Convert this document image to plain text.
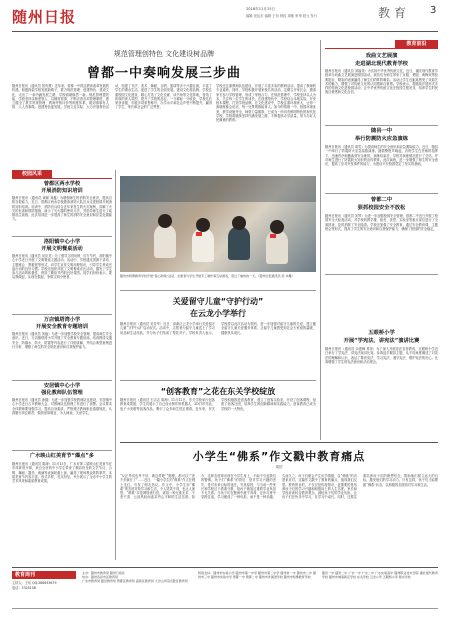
随州日报	2018年11月15日
编辑 祝运东 编辑 王旬 校检 周敏 审审 段元 发行	教育 3
规范管理创特色 文化建设树品牌
曾都一中奏响发展三步曲
随州日报讯（通讯员 蔡有慧）近年来，曾都一中抓住教育改革发展的机遇，积极探索学校发展新路子，着力规范管理、创建特色、建设文化，走出了一条内涵发展之路，学校面貌焕然一新。规范管理提效能。学校坚持以制度管人、以制度管事，不断完善各项管理制度，建立健全了教学常规管理、教师考核评价等制度体系，做到事事有人管、人人有事做。创建特色促发展。学校立足实际，大力开展特色活动，组建了书法、美术、舞蹈、合唱、篮球等多个兴趣社团，丰富了学生的课余生活，促进了学生的全面发展。建设文化树品牌。学校注重校园文化建设，精心打造了文化长廊、读书角等文化阵地，营造了浓厚的育人氛围，提升了学校的品位。一分耕耘一分收获，学校先后荣获省级、市级多项荣誉称号，办学水平和社会声誉不断提升，赢得了学生、家长和社会的广泛赞誉。
学校还注重教师队伍建设，开展了丰富多彩的教研活动，提高了教师的专业素养。同时，学校积极开展家校共育活动，定期召开家长会，邀请家长参与学校管理，形成了家校合力。在规范管理中，学校坚持以人为本，关注每一位学生的成长。在创建特色中，学校结合本地实际，开发校本课程，打造学校品牌。在文化建设中，学校注重环境育人，让每一面墙壁都会说话，每一处景观都能育人。如今的曾都一中，校园环境优美，教学设施齐全，师资力量雄厚，已成为一所具有鲜明特色的现代化学校。学校将继续坚持内涵发展之路，不断提高办学质量，努力办好人民满意的教育。
校园风采
曾都区两水学校
开展消防知识培训
随州日报讯（通讯员 黄颖 刘鑫）为增强师生的消防安全意识，提高自防自救能力，近日，曾都区两水学校邀请消防大队官兵走进校园开展消防知识培训。培训中，消防官兵结合近年来发生的火灾案例，讲解了火灾的危害和预防措施，演示了灭火器的使用方法，并指导师生进行了疏散逃生演练。此次培训进一步提高了师生的消防安全意识和应急处置能力。
洛阳镇中心小学
开展文明餐桌活动
随州日报讯（通讯员 吴应龙）为了倡导文明用餐、厉行节约，洛阳镇中心小学近日开展了文明餐桌主题活动。活动中，学校通过国旗下讲话、主题班会、黑板报等形式，向学生宣传文明用餐知识，引导学生养成光盘行动的良好习惯。学校还组织开展了文明餐桌评比活动，激发了学生参与活动的积极性，营造了勤俭节约的良好氛围。同学们纷纷表示，要从我做起，从现在做起，争做文明小使者。
万店镇塔湾小学
开展安全教育专题培训
随州日报讯（通讯员 刘毅）为进一步加强学校安全管理，提高师生安全意识，近日，万店镇塔湾小学开展了安全教育专题培训。培训围绕交通安全、防溺水、防火、防震等内容进行了详细讲解，并结合典型案例进行分析，增强了师生的安全防范意识和自我保护能力。
安居镇中心小学
强化教师队伍管理
随州日报讯（通讯员 唐健）为进一步加强学校教师队伍建设，安居镇中心小学近日召开教师大会，对教师队伍管理工作进行了部署。会议要求全体教师要加强学习，提高自身素质，严格遵守教师职业道德规范，认真履行岗位职责，做到爱岗敬业、为人师表、关爱学生。
广水映山红美育节“爆点”多
随州日报讯（通讯员 陈涛）11月13日，广水市第二届映山红美育节在市体育馆开幕，来自全市的中小学生带来了精彩纷呈的文艺节目，合唱、舞蹈、器乐、朗诵等表演轮番上演，赢得了现场观众阵阵掌声。本届美育节内容丰富，形式多样，亮点纷呈，充分展示了全市中小学生的艺术风采和素质教育成果。
随州市特殊教育学校开展“爱心助残”活动，志愿者与学生开展手工制作等互动游戏，度过了愉快的一天。（随州日报通讯员 吴 华摄）
关爱留守儿童“守护行动”
在云龙小学举行
随州日报讯（通讯员 吴芳华）近日，高新区云龙小学举行关爱留守儿童“守护行动”启动仪式。活动中，志愿者为留守儿童送上了学习用品和生活用品，并与孩子们结成了帮扶对子。学校负责人表示，学校将以此次活动为契机，进一步加强对留守儿童的关爱，建立健全留守儿童关爱服务体系，让留守儿童感受到社会大家庭的温暖，健康快乐成长。
“创客教育”之花在东关学校绽放
随州日报讯（通讯员 石吉志 陈海）11月12日，东关学校举行创客教育成果展，学生们展示了自己设计制作的机器人、3D打印作品、电子小发明等创客作品，吸引了众多师生驻足观看。近年来，东关学校积极推进创客教育，建立了创客实验室，开设了创客课程，组建了创客社团，培养学生的创新精神和实践能力，创客教育已成为学校的一大特色。
教育前沿
戏曲文艺展演
走进湖北现代教育学校
随州日报讯（通讯员 刘福尧）为弘扬中华优秀传统文化，近日，湖北现代教育学校举办戏曲文艺展演进校园活动。演员们为师生带来了京剧、楚剧、黄梅戏等经典剧目，精彩的表演赢得了师生们的阵阵喝彩。活动让学生近距离感受了戏曲艺术的魅力，增强了对传统文化的认同感和自豪感。学校表示，将继续开展形式多样的传统文化进校园活动，让中华优秀传统文化在校园生根发芽，培养学生的民族自豪感和文化自信。
随县一中
举行防震防火应急演练
随州日报讯（通讯员 周雪）为提高师生的安全意识和应急避险能力，近日，随县一中举行了防震防火应急疏散演练。随着警报声响起，各班学生在老师的指挥下，迅速有序地撤离到安全地带。演练结束后，学校对演练情况进行了总结，并对师生进行了防震防火知识的宣传教育。此次演练，进一步增强了师生的安全意识，提高了应对突发事件的能力，为建设平安校园奠定了坚实的基础。
曾都二中
狠抓校园安全不放松
随州日报讯（通讯员 宋琴）为进一步加强校园安全管理，曾都二中近日开展了校园安全大检查活动，对学校的教学楼、宿舍、食堂、实验室等重点部位进行了全面排查，及时消除了安全隐患。学校还加强了安全教育，通过安全教育课、主题班会等形式，提高了学生的安全意识和自我保护能力，确保了校园的安全稳定。
五眼桥小学
开展“学宪法、讲宪法”演讲比赛
随州日报讯（通讯员 余建峰 易萍）为了深入开展宪法宣传教育，五眼桥小学近日举行了学宪法、讲宪法演讲比赛。参赛选手紧扣主题，从不同角度阐述了对宪法的理解和认识，表达了尊崇宪法、学习宪法、遵守宪法、维护宪法的决心。比赛增强了学生的宪法意识和法治观念。
小学生“佛系”作文戳中教育痛点
周伯
“反正考试也考不好，就这样吧”“随便，都可以”“差不多就行了”……近日，一篇小学生的“佛系”作文在网上走红，引发了网友热议。作文中，小学生用“佛系”的态度对待学习和生活，令人哭笑不得，也让人深思。“佛系”本是网络流行语，意指一种无欲无求、不悲不喜、云淡风轻而追求内心平和的生活态度。如今，这种态度却出现在小学生身上，不能不引起我们的警惕。孩子们“佛系”的背后，是对学习兴趣的丧失，是对未来目标的迷茫。究其原因，与当前一些家长和学校过于看重分数、给孩子施加过重的学业负担不无关系。当孩子们在题海中疲于奔命，在补习班中穿梭往返，学习便成了一种负担，而不是一种乐趣。久而久之，孩子们便会产生厌学情绪，以“佛系”的态度来应对。这篇作文戳中了教育的痛点，值得我们反思。教育的目的，不仅仅是传授知识，更重要的是培养孩子们的学习兴趣和积极向上的人生态度。家长和学校应该转变教育观念，减轻孩子们的学业负担，让孩子们在快乐中学习，在学习中成长。同时，还要注重培养孩子们的理想信念，帮助他们树立远大的目标，激发他们的学习动力。只有这样，孩子们才能摆脱“佛系”状态，以积极的态度面对学习和生活。
教育周刊
主持人：王旬 QQ:286633679
电话：3325108
主办：随州市教育局 随州日报社
协办：随州各县市区教育局
广水市教育局 随县教育局 曾都区教育局 高新区教育局 大洪山风景名胜区教育局
特别支持：随州市实验小学 随州市第一中学 随州市第二中学 随州市一中 随州市二中 随州市三中 随州市实验中学 曾都一中 曾都二中 随州市外国语学校 随州市特殊教育学校
随县一中 随县二中 广水一中 广水二中 广水实验高中 随州职业技术学院 湖北现代教育学校 随州市城南新区学校 东关学校 云龙小学 五眼桥小学 两水学校
